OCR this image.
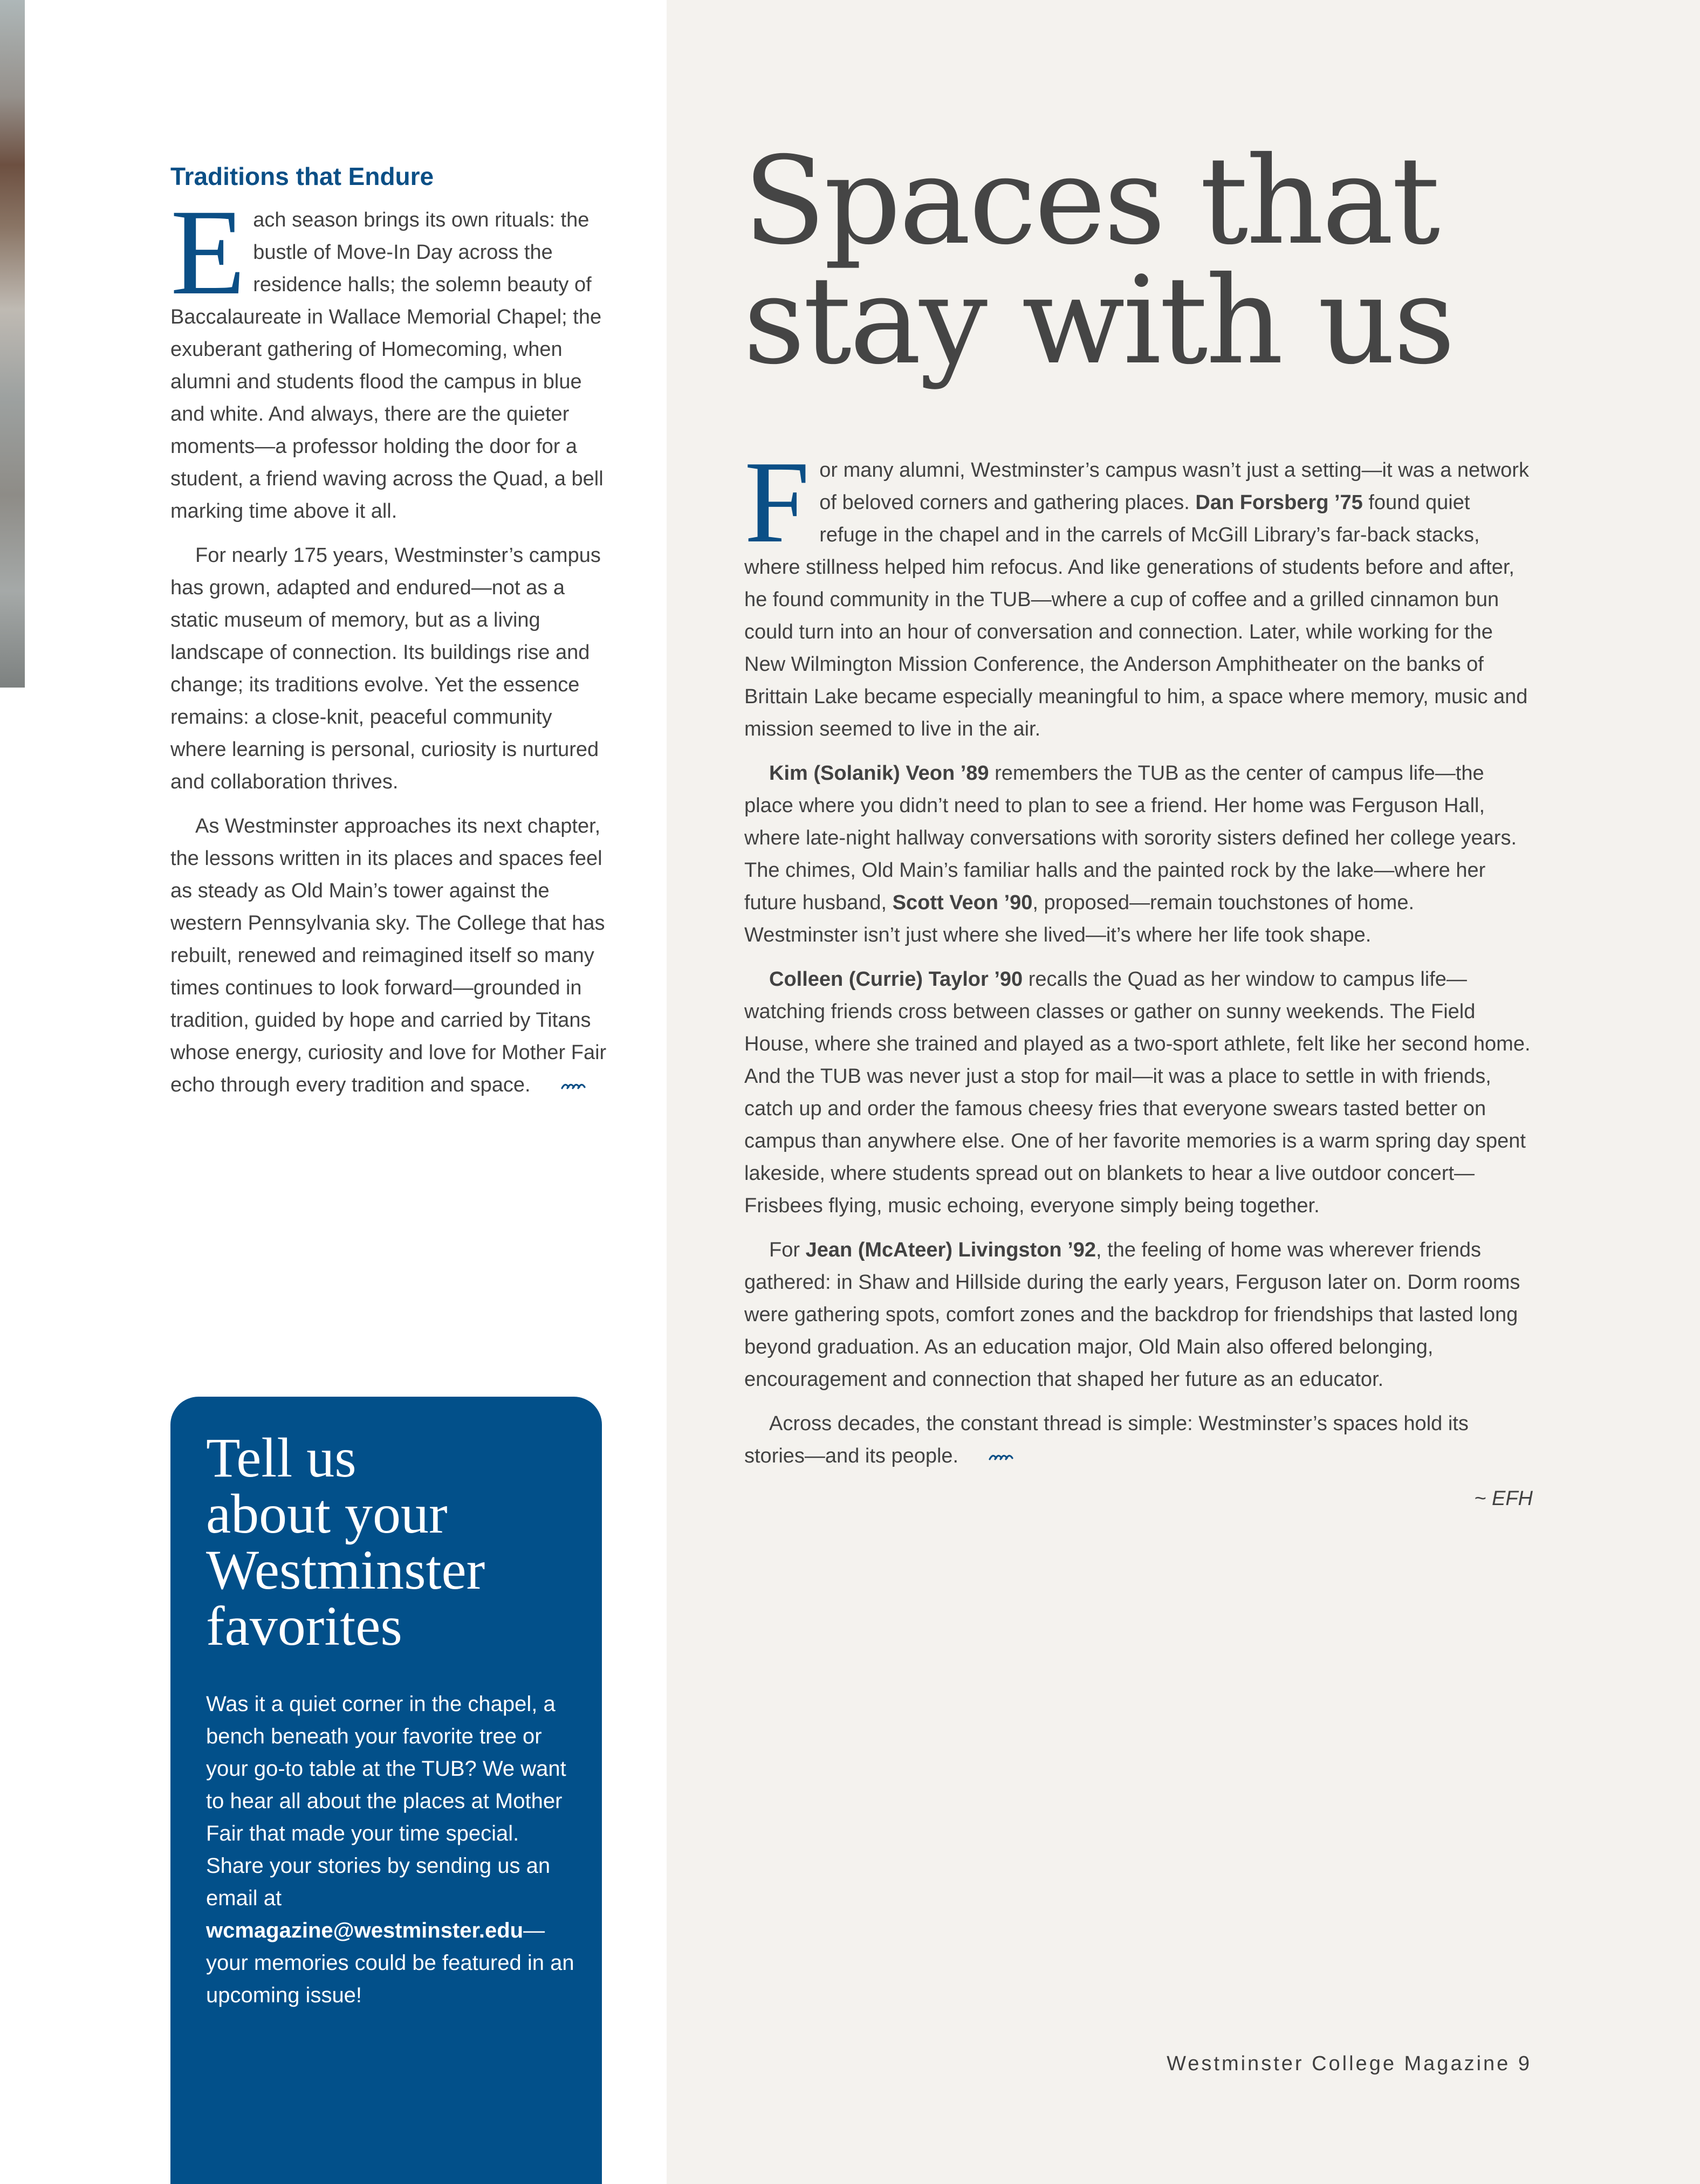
Traditions that Endure

Each season brings its own rituals: the bustle of Move-In Day across the residence halls; the solemn beauty of Baccalaureate in Wallace Memorial Chapel; the exuberant gathering of Homecoming, when alumni and students flood the campus in blue and white. And always, there are the quieter moments—a professor holding the door for a student, a friend waving across the Quad, a bell marking time above it all.

For nearly 175 years, Westminster’s campus has grown, adapted and endured—not as a static museum of memory, but as a living landscape of connection. Its buildings rise and change; its traditions evolve. Yet the essence remains: a close-knit, peaceful community where learning is personal, curiosity is nurtured and collaboration thrives.

As Westminster approaches its next chapter, the lessons written in its places and spaces feel as steady as Old Main’s tower against the western Pennsylvania sky. The College that has rebuilt, renewed and reimagined itself so many times continues to look forward—grounded in tradition, guided by hope and carried by Titans whose energy, curiosity and love for Mother Fair echo through every tradition and space.

Spaces that
stay with us

For many alumni, Westminster’s campus wasn’t just a setting—it was a network of beloved corners and gathering places. Dan Forsberg ’75 found quiet refuge in the chapel and in the carrels of McGill Library’s far-back stacks, where stillness helped him refocus. And like generations of students before and after, he found community in the TUB—where a cup of coffee and a grilled cinnamon bun could turn into an hour of conversation and connection. Later, while working for the New Wilmington Mission Conference, the Anderson Amphitheater on the banks of Brittain Lake became especially meaningful to him, a space where memory, music and mission seemed to live in the air.

Kim (Solanik) Veon ’89 remembers the TUB as the center of campus life—the place where you didn’t need to plan to see a friend. Her home was Ferguson Hall, where late-night hallway conversations with sorority sisters defined her college years. The chimes, Old Main’s familiar halls and the painted rock by the lake—where her future husband, Scott Veon ’90, proposed—remain touchstones of home. Westminster isn’t just where she lived—it’s where her life took shape.

Colleen (Currie) Taylor ’90 recalls the Quad as her window to campus life—watching friends cross between classes or gather on sunny weekends. The Field House, where she trained and played as a two-sport athlete, felt like her second home. And the TUB was never just a stop for mail—it was a place to settle in with friends, catch up and order the famous cheesy fries that everyone swears tasted better on campus than anywhere else. One of her favorite memories is a warm spring day spent lakeside, where students spread out on blankets to hear a live outdoor concert—Frisbees flying, music echoing, everyone simply being together.

For Jean (McAteer) Livingston ’92, the feeling of home was wherever friends gathered: in Shaw and Hillside during the early years, Ferguson later on. Dorm rooms were gathering spots, comfort zones and the backdrop for friendships that lasted long beyond graduation. As an education major, Old Main also offered belonging, encouragement and connection that shaped her future as an educator.

Across decades, the constant thread is simple: Westminster’s spaces hold its stories—and its people.

~ EFH
Tell us
about your
Westminster
favorites

Was it a quiet corner in the chapel, a bench beneath your favorite tree or your go-to table at the TUB? We want to hear all about the places at Mother Fair that made your time special. Share your stories by sending us an email at wcmagazine@westminster.edu—your memories could be featured in an upcoming issue!

Westminster College Magazine 9
